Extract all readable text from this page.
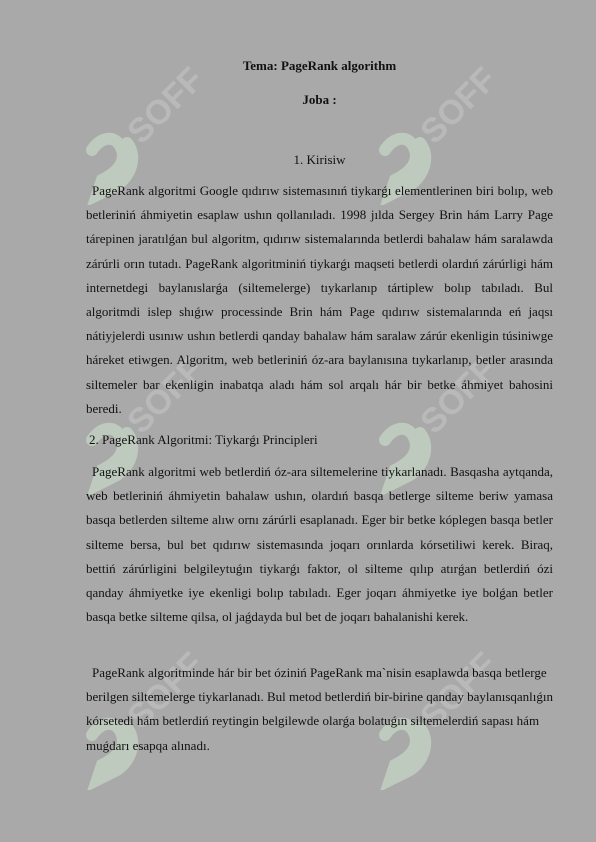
SOFF	SOFF
SOFF	SOFF
SOFF	SOFF
Tema: PageRank algorithm
Joba :
1. Kirisiw

PageRank algoritmi Google qıdırıw sistemasınıń tiykarǵı elementlerinen biri bolıp, web betleriniń áhmiyetin esaplaw ushın qollanıladı. 1998 jılda Sergey Brin hám Larry Page tárepinen jaratılǵan bul algoritm, qıdırıw sistemalarında betlerdi bahalaw hám saralawda zárúrli orın tutadı. PageRank algoritminiń tiykarǵı maqseti betlerdi olardıń zárúrligi hám internetdegi baylanıslarǵa (siltemelerge) tıykarlanıp tártiplew bolıp tabıladı. Bul algoritmdi islep shıǵıw processinde Brin hám Page qıdırıw sistemalarında eń jaqsı nátiyjelerdi usınıw ushın betlerdi qanday bahalaw hám saralaw zárúr ekenligin túsiniwge háreket etiwgen. Algoritm, web betleriniń óz-ara baylanısına tıykarlanıp, betler arasında siltemeler bar ekenligin inabatqa aladı hám sol arqalı hár bir betke áhmiyet bahosini beredi.

2. PageRank Algoritmi: Tiykarǵı Principleri

PageRank algoritmi web betlerdiń óz-ara siltemelerine tiykarlanadı. Basqasha aytqanda, web betleriniń áhmiyetin bahalaw ushın, olardıń basqa betlerge silteme beriw yamasa basqa betlerden silteme alıw ornı zárúrli esaplanadı. Eger bir betke kóplegen basqa betler silteme bersa, bul bet qıdırıw sistemasında joqarı orınlarda kórsetiliwi kerek. Biraq, bettiń zárúrligini belgileytuǵın tiykarǵı faktor, ol silteme qılıp atırǵan betlerdiń ózi qanday áhmiyetke iye ekenligi bolıp tabıladı. Eger joqarı áhmiyetke iye bolǵan betler basqa betke silteme qilsa, ol jaǵdayda bul bet de joqarı bahalanishi kerek.

PageRank algoritminde hár bir bet óziniń PageRank ma`nisin esaplawda basqa betlerge berilgen siltemelerge tiykarlanadı. Bul metod betlerdiń bir-birine qanday baylanısqanlıǵın kórsetedi hám betlerdiń reytingin belgilewde olarǵa bolatuǵın siltemelerdiń sapası hám muǵdarı esapqa alınadı.
